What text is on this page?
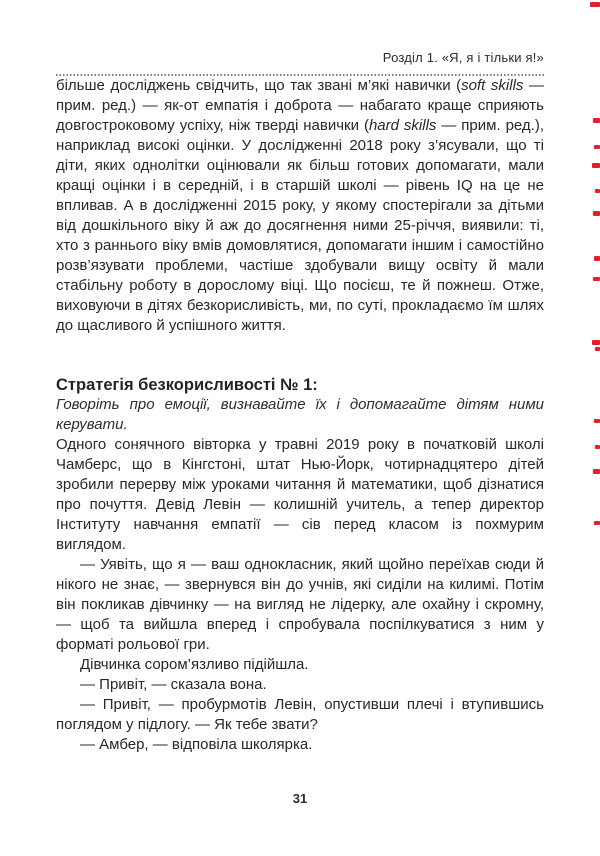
Розділ 1. «Я, я і тільки я!»

більше досліджень свідчить, що так звані м’які навички (soft skills — прим. ред.) — як-от емпатія і доброта — набагато краще сприяють довгостроковому успіху, ніж тверді навички (hard skills — прим. ред.), наприклад високі оцінки. У дослідженні 2018 року з’ясували, що ті діти, яких однолітки оцінювали як більш готових допомагати, мали кращі оцінки і в середній, і в старшій школі — рівень IQ на це не впливав. А в дослідженні 2015 року, у якому спостерігали за дітьми від дошкільного віку й аж до досягнення ними 25-річчя, виявили: ті, хто з раннього віку вмів домовлятися, допомагати іншим і самостійно розв’язувати проблеми, частіше здобували вищу освіту й мали стабільну роботу в дорослому віці. Що посієш, те й пожнеш. Отже, виховуючи в дітях безкорисливість, ми, по суті, прокладаємо їм шлях до щасливого й успішного життя.

Стратегія безкорисливості № 1:

Говоріть про емоції, визнавайте їх і допомагайте дітям ними керувати.

Одного сонячного вівторка у травні 2019 року в початковій школі Чамберс, що в Кінгстоні, штат Нью-Йорк, чотирнадцятеро дітей зробили перерву між уроками читання й математики, щоб дізнатися про почуття. Девід Левін — колишній учитель, а тепер директор Інституту навчання емпатії — сів перед класом із похмурим виглядом.

— Уявіть, що я — ваш однокласник, який щойно переїхав сюди й нікого не знає, — звернувся він до учнів, які сиділи на килимі. Потім він покликав дівчинку — на вигляд не лідерку, але охайну і скромну, — щоб та вийшла вперед і спробувала поспілкуватися з ним у форматі рольової гри.

Дівчинка сором’язливо підійшла.

— Привіт, — сказала вона.

— Привіт, — пробурмотів Левін, опустивши плечі і втупившись поглядом у підлогу. — Як тебе звати?

— Амбер, — відповіла школярка.

31
